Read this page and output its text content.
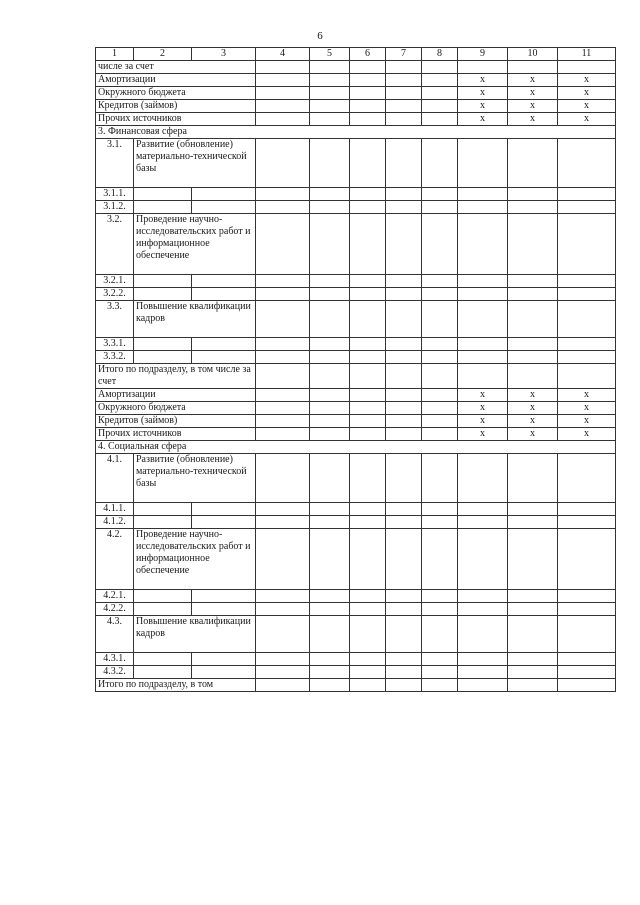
6
1	2	3	4	5	6	7	8	9	10	11
числе за счет										
Амортизации								x	x	x
Окружного бюджета								x	x	x
Кредитов (займов)								x	x	x
Прочих источников								x	x	x
3. Финансовая сфера										
3.1.	Развитие (обновление) материально-технической базы									
3.1.1.										
3.1.2.										
3.2.	Проведение научно-исследовательских работ и информационное обеспечение									
3.2.1.										
3.2.2.										
3.3.	Повышение квалификации кадров									
3.3.1.										
3.3.2.										
Итого по подразделу, в том числе за счет										
Амортизации								x	x	x
Окружного бюджета								x	x	x
Кредитов (займов)								x	x	x
Прочих источников								x	x	x
4. Социальная сфера										
4.1.	Развитие (обновление) материально-технической базы									
4.1.1.										
4.1.2.										
4.2.	Проведение научно-исследовательских работ и информационное обеспечение									
4.2.1.										
4.2.2.										
4.3.	Повышение квалификации кадров									
4.3.1.										
4.3.2.										
Итого по подразделу, в том										
